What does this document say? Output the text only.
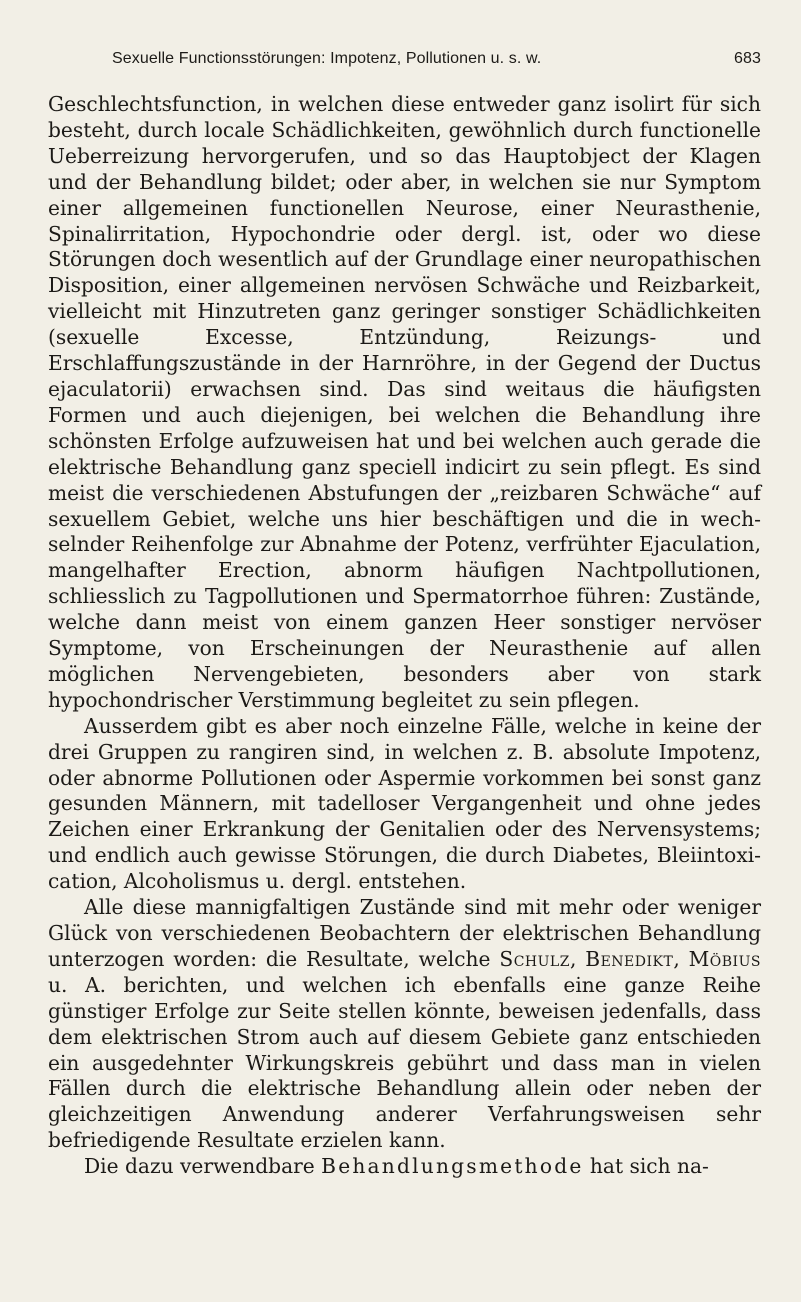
Sexuelle Functionsstörungen: Impotenz, Pollutionen u. s. w.	683

Geschlechtsfunction, in welchen diese entweder ganz isolirt für sich besteht, durch locale Schädlichkeiten, gewöhnlich durch functionelle Ueberreizung hervorgerufen, und so das Hauptobject der Klagen und der Behandlung bildet; oder aber, in welchen sie nur Symptom einer allgemeinen functionellen Neurose, einer Neurasthenie, Spinalirritation, Hypochondrie oder dergl. ist, oder wo diese Störungen doch wesentlich auf der Grundlage einer neuropathischen Disposition, einer allgemeinen nervösen Schwäche und Reizbarkeit, vielleicht mit Hinzutreten ganz geringer sonstiger Schädlichkeiten (sexuelle Excesse, Entzündung, Reizungs- und Erschlaffungszustände in der Harnröhre, in der Gegend der Ductus ejaculatorii) erwachsen sind. Das sind weitaus die häufigsten Formen und auch diejenigen, bei welchen die Behandlung ihre schönsten Erfolge aufzuweisen hat und bei welchen auch gerade die elektrische Behandlung ganz speciell indicirt zu sein pflegt. Es sind meist die verschiedenen Abstufungen der „reizbaren Schwäche“ auf sexuellem Gebiet, welche uns hier beschäftigen und die in wechselnder Reihenfolge zur Abnahme der Potenz, verfrühter Ejaculation, mangelhafter Erection, abnorm häufigen Nachtpollutionen, schliesslich zu Tagpollutionen und Spermatorrhoe führen: Zustände, welche dann meist von einem ganzen Heer sonstiger nervöser Symptome, von Erscheinungen der Neurasthenie auf allen möglichen Nervengebieten, besonders aber von stark hypochondrischer Verstimmung begleitet zu sein pflegen.

Ausserdem gibt es aber noch einzelne Fälle, welche in keine der drei Gruppen zu rangiren sind, in welchen z. B. absolute Impotenz, oder abnorme Pollutionen oder Aspermie vorkommen bei sonst ganz gesunden Männern, mit tadelloser Vergangenheit und ohne jedes Zeichen einer Erkrankung der Genitalien oder des Nervensystems; und endlich auch gewisse Störungen, die durch Diabetes, Bleiintoxication, Alcoholismus u. dergl. entstehen.

Alle diese mannigfaltigen Zustände sind mit mehr oder weniger Glück von verschiedenen Beobachtern der elektrischen Behandlung unterzogen worden: die Resultate, welche Schulz, Benedikt, Möbius u. A. berichten, und welchen ich ebenfalls eine ganze Reihe günstiger Erfolge zur Seite stellen könnte, beweisen jedenfalls, dass dem elektrischen Strom auch auf diesem Gebiete ganz entschieden ein ausgedehnter Wirkungskreis gebührt und dass man in vielen Fällen durch die elektrische Behandlung allein oder neben der gleichzeitigen Anwendung anderer Verfahrungsweisen sehr befriedigende Resultate erzielen kann.

Die dazu verwendbare Behandlungsmethode hat sich na-
